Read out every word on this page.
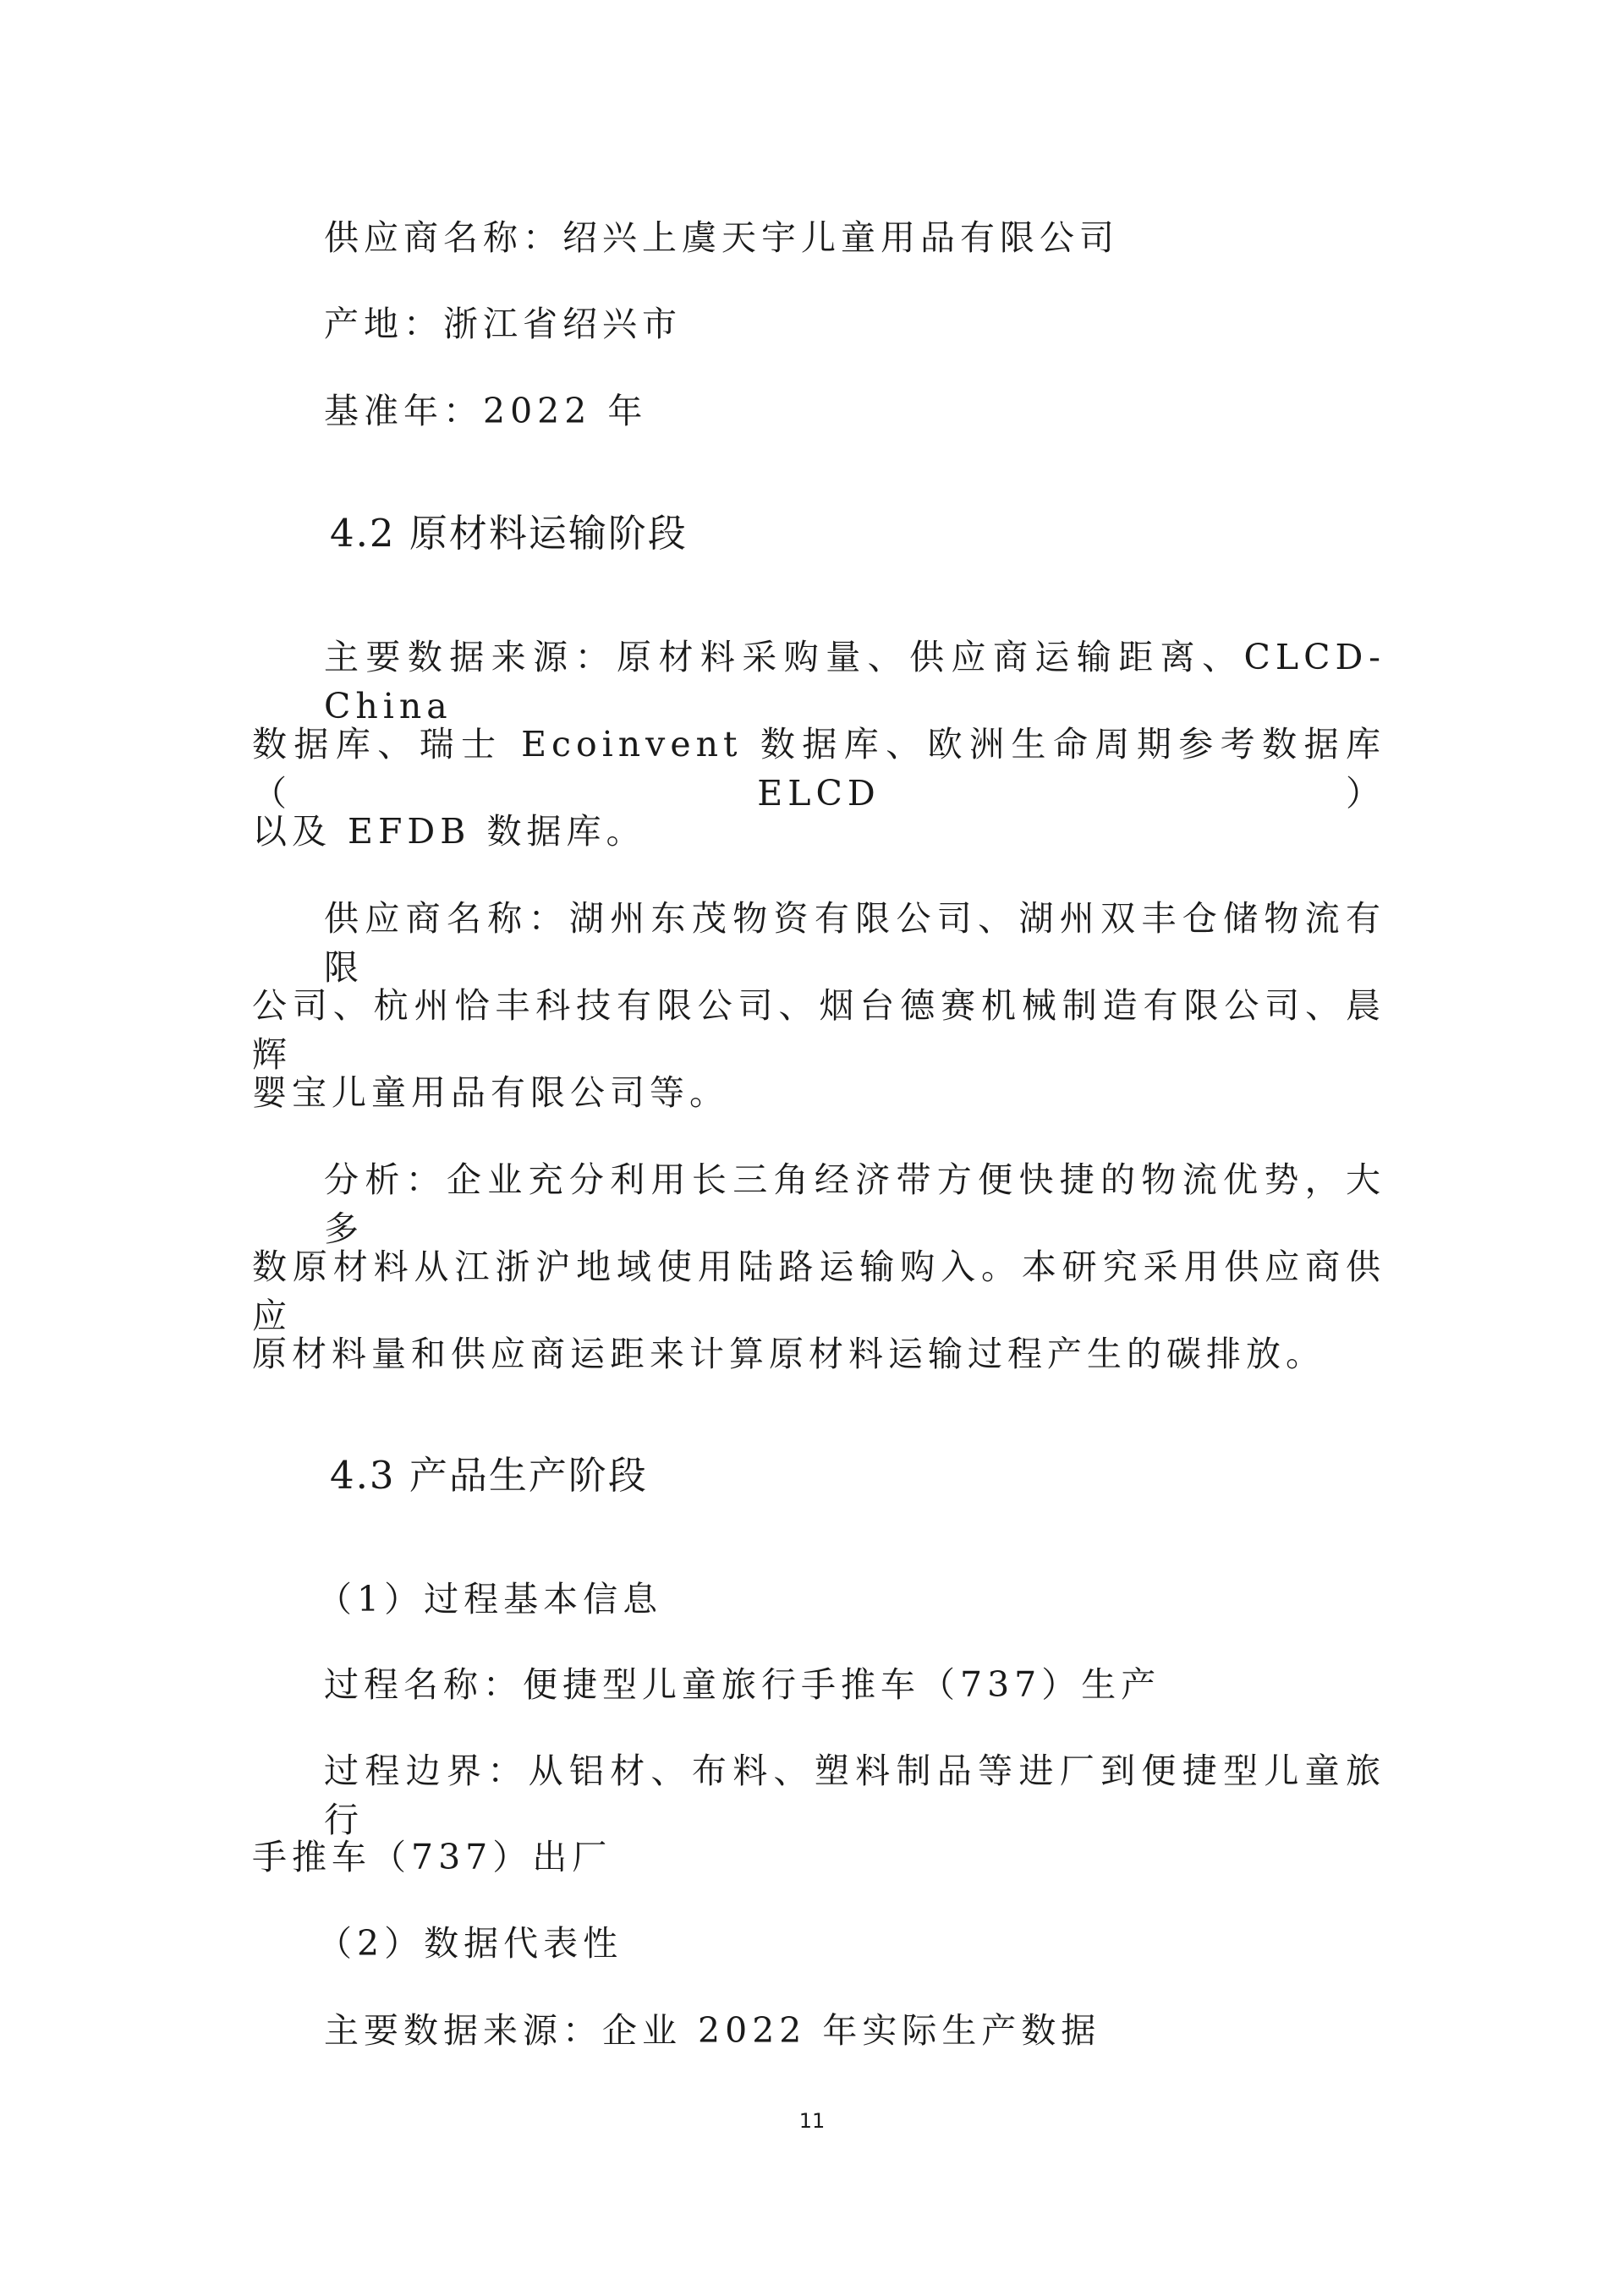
供应商名称：绍兴上虞天宇儿童用品有限公司
产地：浙江省绍兴市
基准年：2022 年
4.2 原材料运输阶段
主要数据来源：原材料采购量、供应商运输距离、CLCD-China
数据库、瑞士 Ecoinvent 数据库、欧洲生命周期参考数据库（ELCD）
以及 EFDB 数据库。
供应商名称：湖州东茂物资有限公司、湖州双丰仓储物流有限
公司、杭州恰丰科技有限公司、烟台德赛机械制造有限公司、晨辉
婴宝儿童用品有限公司等。
分析：企业充分利用长三角经济带方便快捷的物流优势，大多
数原材料从江浙沪地域使用陆路运输购入。本研究采用供应商供应
原材料量和供应商运距来计算原材料运输过程产生的碳排放。
4.3 产品生产阶段
（1）过程基本信息
过程名称：便捷型儿童旅行手推车（737）生产
过程边界：从铝材、布料、塑料制品等进厂到便捷型儿童旅行
手推车（737）出厂
（2）数据代表性
主要数据来源：企业 2022 年实际生产数据
11
